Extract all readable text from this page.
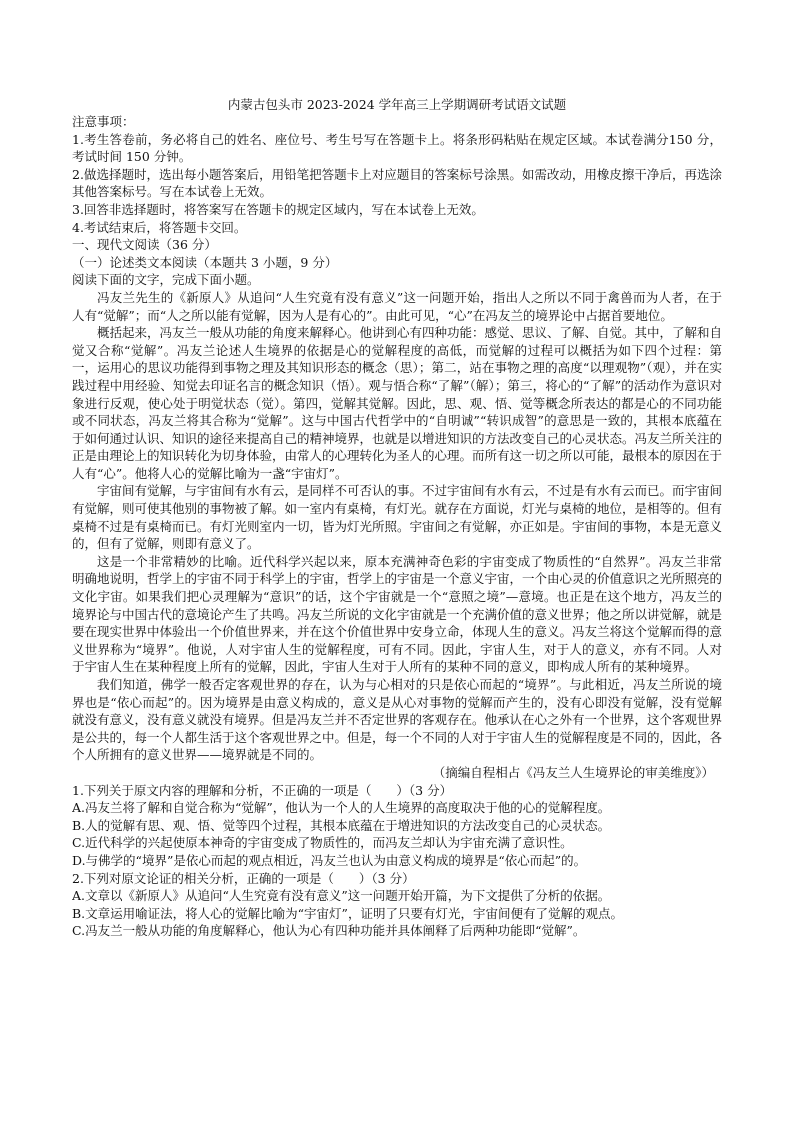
内蒙古包头市 2023-2024 学年高三上学期调研考试语文试题
注意事项：
1.考生答卷前，务必将自己的姓名、座位号、考生号写在答题卡上。将条形码粘贴在规定区域。本试卷满分150 分，考试时间 150 分钟。
2.做选择题时，选出每小题答案后，用铅笔把答题卡上对应题目的答案标号涂黑。如需改动，用橡皮擦干净后，再选涂其他答案标号。写在本试卷上无效。
3.回答非选择题时，将答案写在答题卡的规定区域内，写在本试卷上无效。
4.考试结束后，将答题卡交回。
一、现代文阅读（36 分）
（一）论述类文本阅读（本题共 3 小题，9 分）
阅读下面的文字，完成下面小题。
冯友兰先生的《新原人》从追问“人生究竟有没有意义”这一问题开始，指出人之所以不同于禽兽而为人者，在于人有“觉解”；而“人之所以能有觉解，因为人是有心的”。由此可见，“心”在冯友兰的境界论中占据首要地位。
概括起来，冯友兰一般从功能的角度来解释心。他讲到心有四种功能：感觉、思议、了解、自觉。其中，了解和自觉又合称“觉解”。冯友兰论述人生境界的依据是心的觉解程度的高低，而觉解的过程可以概括为如下四个过程：第一，运用心的思议功能得到事物之理及其知识形态的概念（思）；第二，站在事物之理的高度“以理观物”（观），并在实践过程中用经验、知觉去印证名言的概念知识（悟）。观与悟合称“了解”（解）；第三，将心的“了解”的活动作为意识对象进行反观，使心处于明觉状态（觉）。第四，觉解其觉解。因此，思、观、悟、觉等概念所表达的都是心的不同功能或不同状态，冯友兰将其合称为“觉解”。这与中国古代哲学中的“自明诚”“转识成智”的意思是一致的，其根本底蕴在于如何通过认识、知识的途径来提高自己的精神境界，也就是以增进知识的方法改变自己的心灵状态。冯友兰所关注的正是由理论上的知识转化为切身体验，由常人的心理转化为圣人的心理。而所有这一切之所以可能，最根本的原因在于人有“心”。他将人心的觉解比喻为一盏“宇宙灯”。
宇宙间有觉解，与宇宙间有水有云，是同样不可否认的事。不过宇宙间有水有云，不过是有水有云而已。而宇宙间有觉解，则可使其他别的事物被了解。如一室内有桌椅，有灯光。就存在方面说，灯光与桌椅的地位，是相等的。但有桌椅不过是有桌椅而已。有灯光则室内一切，皆为灯光所照。宇宙间之有觉解，亦正如是。宇宙间的事物，本是无意义的，但有了觉解，则即有意义了。
这是一个非常精妙的比喻。近代科学兴起以来，原本充满神奇色彩的宇宙变成了物质性的“自然界”。冯友兰非常明确地说明，哲学上的宇宙不同于科学上的宇宙，哲学上的宇宙是一个意义宇宙，一个由心灵的价值意识之光所照亮的文化宇宙。如果我们把心灵理解为“意识”的话，这个宇宙就是一个“意照之境”—意境。也正是在这个地方，冯友兰的境界论与中国古代的意境论产生了共鸣。冯友兰所说的文化宇宙就是一个充满价值的意义世界；他之所以讲觉解，就是要在现实世界中体验出一个价值世界来，并在这个价值世界中安身立命，体现人生的意义。冯友兰将这个觉解而得的意义世界称为“境界”。他说，人对宇宙人生的觉解程度，可有不同。因此，宇宙人生，对于人的意义，亦有不同。人对于宇宙人生在某种程度上所有的觉解，因此，宇宙人生对于人所有的某种不同的意义，即构成人所有的某种境界。
我们知道，佛学一般否定客观世界的存在，认为与心相对的只是依心而起的“境界”。与此相近，冯友兰所说的境界也是“依心而起”的。因为境界是由意义构成的，意义是从心对事物的觉解而产生的，没有心即没有觉解，没有觉解就没有意义，没有意义就没有境界。但是冯友兰并不否定世界的客观存在。他承认在心之外有一个世界，这个客观世界是公共的，每一个人都生活于这个客观世界之中。但是，每一个不同的人对于宇宙人生的觉解程度是不同的，因此，各个人所拥有的意义世界——境界就是不同的。
（摘编自程相占《冯友兰人生境界论的审美维度》）
1.下列关于原文内容的理解和分析，不正确的一项是（　　）（3 分）
A.冯友兰将了解和自觉合称为“觉解”，他认为一个人的人生境界的高度取决于他的心的觉解程度。
B.人的觉解有思、观、悟、觉等四个过程，其根本底蕴在于增进知识的方法改变自己的心灵状态。
C.近代科学的兴起使原本神奇的宇宙变成了物质性的，而冯友兰却认为宇宙充满了意识性。
D.与佛学的“境界”是依心而起的观点相近，冯友兰也认为由意义构成的境界是“依心而起”的。
2.下列对原文论证的相关分析，正确的一项是（　　）（3 分）
A.文章以《新原人》从追问“人生究竟有没有意义”这一问题开始开篇，为下文提供了分析的依据。
B.文章运用喻证法，将人心的觉解比喻为“宇宙灯”，证明了只要有灯光，宇宙间便有了觉解的观点。
C.冯友兰一般从功能的角度解释心，他认为心有四种功能并具体阐释了后两种功能即“觉解”。
